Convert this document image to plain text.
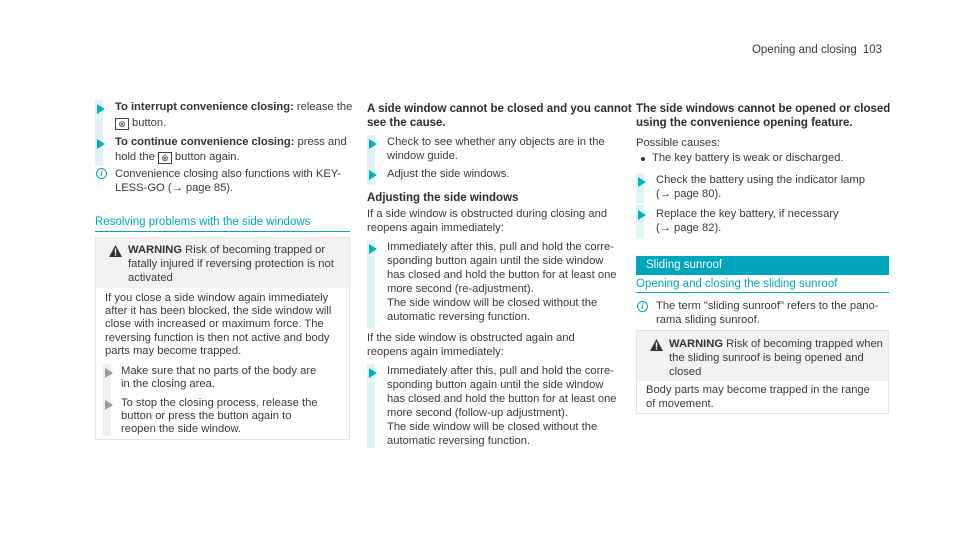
Opening and closing 103
To interrupt convenience closing: release the
⊗ button.
To continue convenience closing: press and
hold the ⊗ button again.
i	Convenience closing also functions with KEY-
LESS-GO (→ page 85).
Resolving problems with the side windows
WARNING Risk of becoming trapped or
fatally injured if reversing protection is not
activated
If you close a side window again immediately
after it has been blocked, the side window will
close with increased or maximum force. The
reversing function is then not active and body
parts may become trapped.
Make sure that no parts of the body are
in the closing area.
To stop the closing process, release the
button or press the button again to
reopen the side window.
A side window cannot be closed and you cannot
see the cause.
Check to see whether any objects are in the
window guide.
Adjust the side windows.
Adjusting the side windows
If a side window is obstructed during closing and
reopens again immediately:
Immediately after this, pull and hold the corre-
sponding button again until the side window
has closed and hold the button for at least one
more second (re-adjustment).
The side window will be closed without the
automatic reversing function.
If the side window is obstructed again and
reopens again immediately:
Immediately after this, pull and hold the corre-
sponding button again until the side window
has closed and hold the button for at least one
more second (follow-up adjustment).
The side window will be closed without the
automatic reversing function.
The side windows cannot be opened or closed
using the convenience opening feature.
Possible causes:
The key battery is weak or discharged.
Check the battery using the indicator lamp
(→ page 80).
Replace the key battery, if necessary
(→ page 82).
Sliding sunroof
Opening and closing the sliding sunroof
i	The term "sliding sunroof" refers to the pano-
rama sliding sunroof.
WARNING Risk of becoming trapped when
the sliding sunroof is being opened and
closed
Body parts may become trapped in the range
of movement.
